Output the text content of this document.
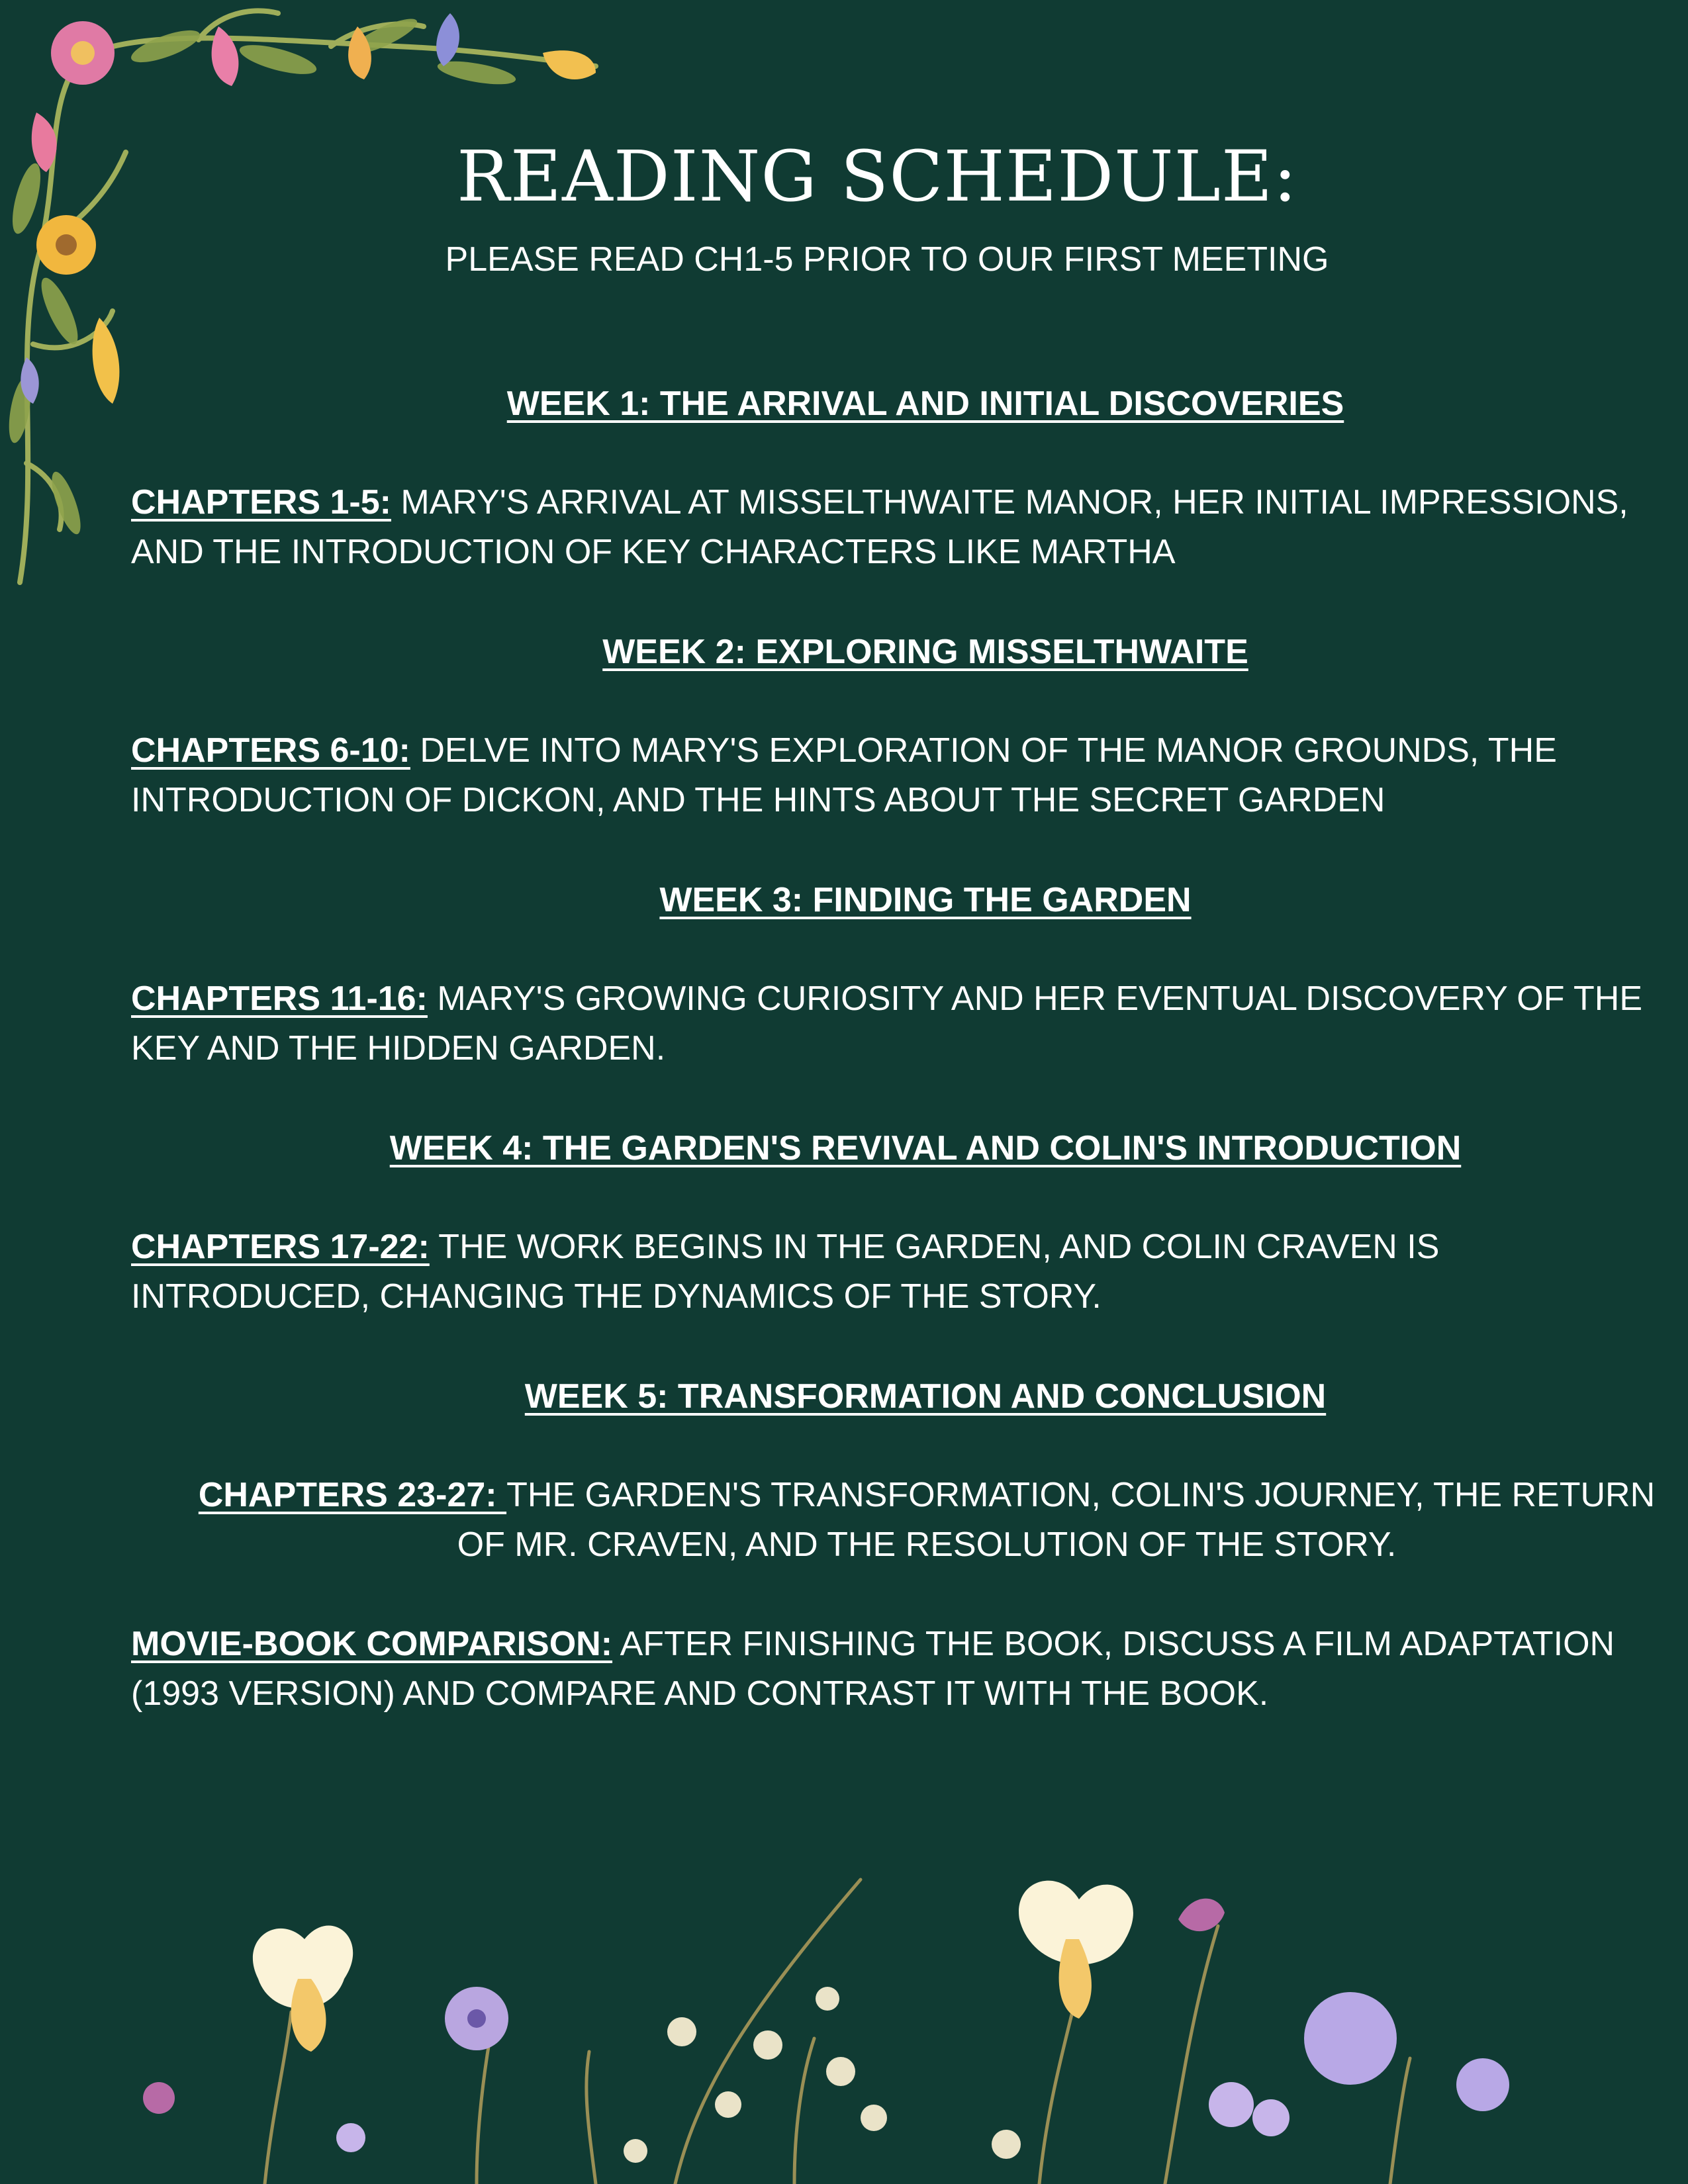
READING SCHEDULE:
PLEASE READ CH1-5 PRIOR TO OUR FIRST MEETING
WEEK 1: THE ARRIVAL AND INITIAL DISCOVERIES
CHAPTERS 1-5: MARY'S ARRIVAL AT MISSELTHWAITE MANOR, HER INITIAL IMPRESSIONS, AND THE INTRODUCTION OF KEY CHARACTERS LIKE MARTHA
WEEK 2: EXPLORING MISSELTHWAITE
CHAPTERS 6-10: DELVE INTO MARY'S EXPLORATION OF THE MANOR GROUNDS, THE INTRODUCTION OF DICKON, AND THE HINTS ABOUT THE SECRET GARDEN
WEEK 3: FINDING THE GARDEN
CHAPTERS 11-16: MARY'S GROWING CURIOSITY AND HER EVENTUAL DISCOVERY OF THE KEY AND THE HIDDEN GARDEN.
WEEK 4: THE GARDEN'S REVIVAL AND COLIN'S INTRODUCTION
CHAPTERS 17-22: THE WORK BEGINS IN THE GARDEN, AND COLIN CRAVEN IS INTRODUCED, CHANGING THE DYNAMICS OF THE STORY.
WEEK 5: TRANSFORMATION AND CONCLUSION
CHAPTERS 23-27: THE GARDEN'S TRANSFORMATION, COLIN'S JOURNEY, THE RETURN
OF MR. CRAVEN, AND THE RESOLUTION OF THE STORY.
MOVIE-BOOK COMPARISON: AFTER FINISHING THE BOOK, DISCUSS A FILM ADAPTATION (1993 VERSION) AND COMPARE AND CONTRAST IT WITH THE BOOK.
